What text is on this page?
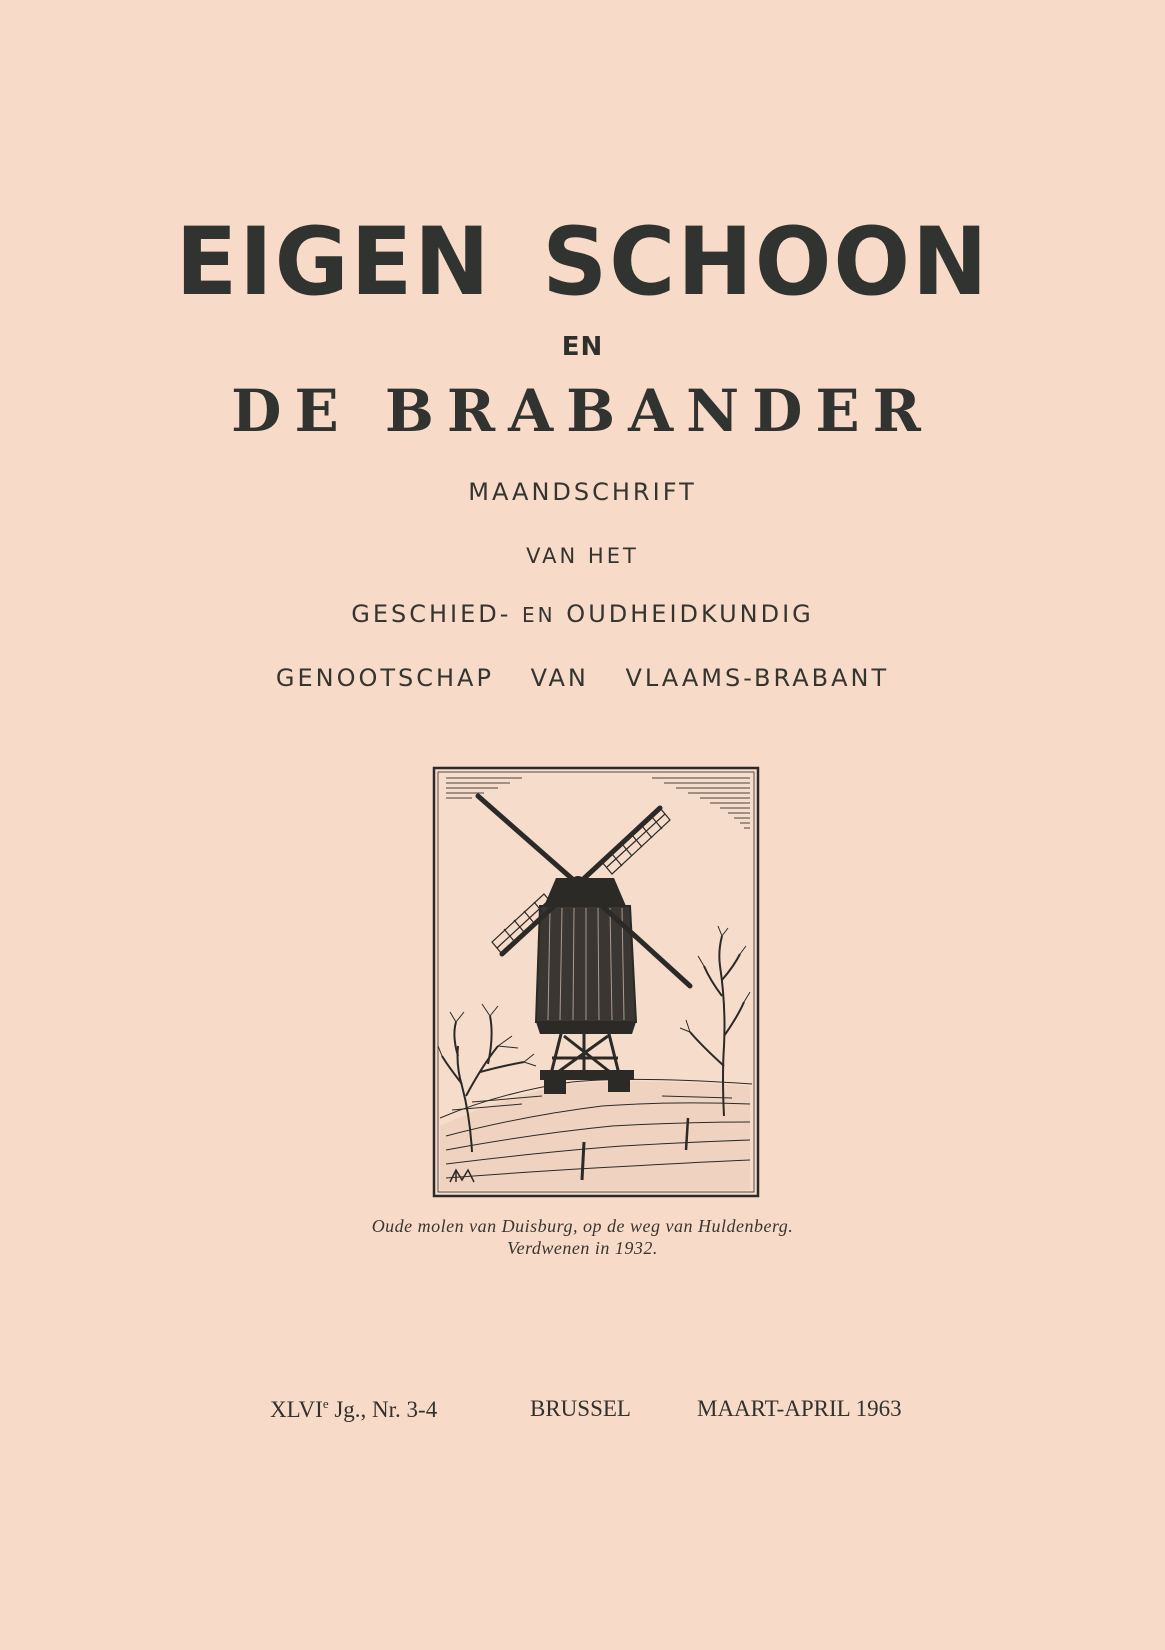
EIGEN SCHOON
EN
DE BRABANDER
MAANDSCHRIFT
VAN HET
GESCHIED- EN OUDHEIDKUNDIG
GENOOTSCHAP VAN VLAAMS-BRABANT
Oude molen van Duisburg, op de weg van Huldenberg.
Verdwenen in 1932.
XLVIe Jg., Nr. 3-4	BRUSSEL	MAART-APRIL 1963
